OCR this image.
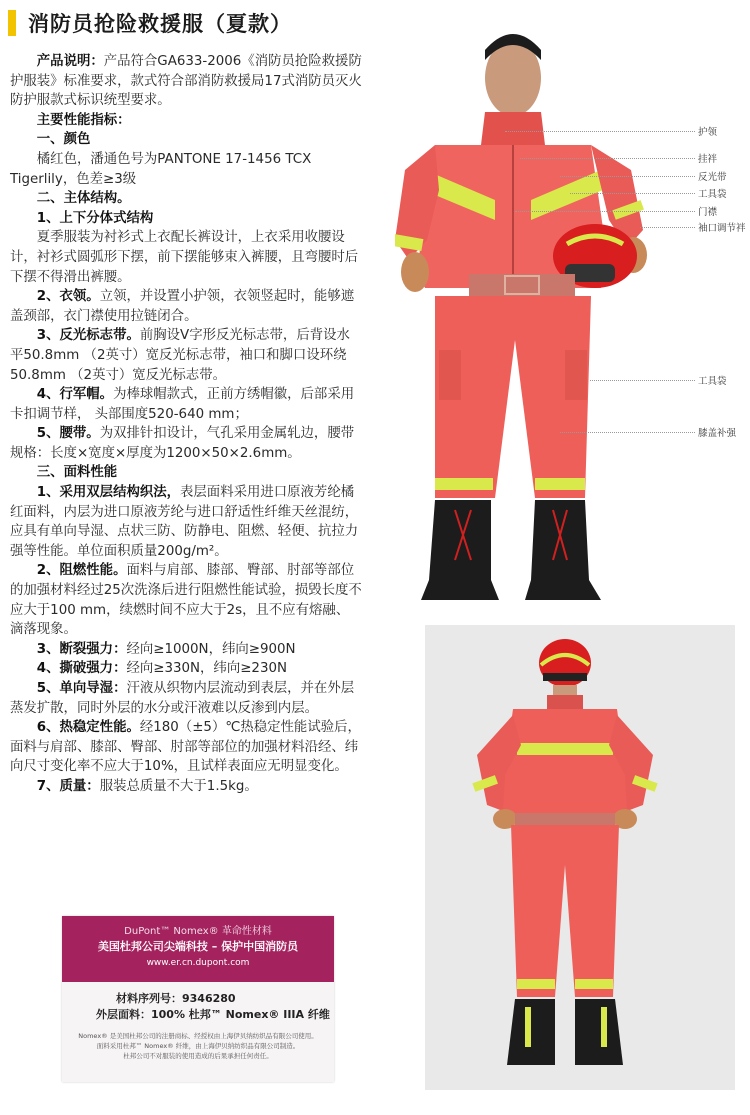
消防员抢险救援服（夏款）

产品说明：产品符合GA633-2006《消防员抢险救援防护服装》标准要求，款式符合部消防救援局17式消防员灭火防护服款式标识统型要求。

主要性能指标：

一、颜色

橘红色，潘通色号为PANTONE 17-1456 TCX Tigerlily，色差≥3级

二、主体结构。

1、上下分体式结构

夏季服装为衬衫式上衣配长裤设计，上衣采用收腰设计，衬衫式圆弧形下摆，前下摆能够束入裤腰，且弯腰时后下摆不得滑出裤腰。

2、衣领。立领，并设置小护领，衣领竖起时，能够遮盖颈部，衣门襟使用拉链闭合。

3、反光标志带。前胸设V字形反光标志带，后背设水平50.8mm （2英寸）宽反光标志带，袖口和脚口设环绕50.8mm （2英寸）宽反光标志带。

4、行军帽。为棒球帽款式，正前方绣帽徽，后部采用卡扣调节样， 头部围度520-640 mm；

5、腰带。为双排针扣设计，气孔采用金属轧边，腰带规格：长度×宽度×厚度为1200×50×2.6mm。

三、面料性能

1、采用双层结构织法，表层面料采用进口原液芳纶橘红面料，内层为进口原液芳纶与进口舒适性纤维天丝混纺，应具有单向导湿、点状三防、防静电、阻燃、轻便、抗拉力强等性能。单位面积质量200g/m²。

2、阻燃性能。面料与肩部、膝部、臀部、肘部等部位的加强材料经过25次洗涤后进行阻燃性能试验，损毁长度不应大于100 mm，续燃时间不应大于2s，且不应有熔融、滴落现象。

3、断裂强力：经向≥1000N，纬向≥900N

4、撕破强力：经向≥330N，纬向≥230N

5、单向导湿：汗液从织物内层流动到表层，并在外层蒸发扩散，同时外层的水分或汗液难以反渗到内层。

6、热稳定性能。经180（±5）℃热稳定性能试验后，面料与肩部、膝部、臀部、肘部等部位的加强材料沿经、纬向尺寸变化率不应大于10%，且试样表面应无明显变化。

7、质量：服装总质量不大于1.5kg。

护领
挂袢
反光带
工具袋
门襟
袖口调节袢
工具袋
膝盖补强
DuPont™ Nomex® 革命性材料
美国杜邦公司尖端科技 – 保护中国消防员
www.er.cn.dupont.com
材料序列号：9346280
外层面料：100% 杜邦™ Nomex® IIIA 纤维
Nomex® 是美国杜邦公司的注册商标、经授权由上海伊贝纳纺织品有限公司使用。
面料采用杜邦™ Nomex® 纤维，由上海伊贝纳纺织品有限公司制造。
杜邦公司不对服装的使用造成的后果承担任何责任。
